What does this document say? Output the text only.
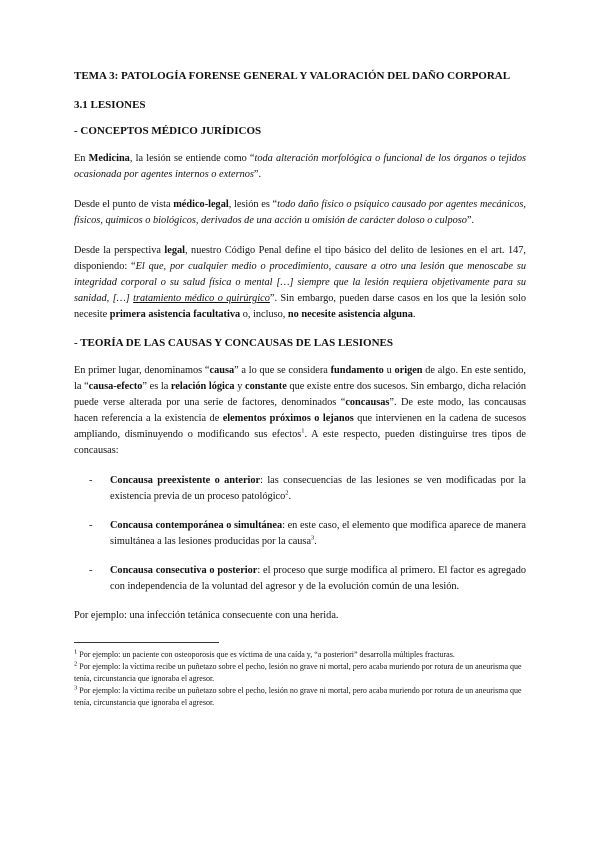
TEMA 3: PATOLOGÍA FORENSE GENERAL Y VALORACIÓN DEL DAÑO CORPORAL
3.1 LESIONES
- CONCEPTOS MÉDICO JURÍDICOS

En Medicina, la lesión se entiende como “toda alteración morfológica o funcional de los órganos o tejidos ocasionada por agentes internos o externos”.

Desde el punto de vista médico-legal, lesión es “todo daño físico o psíquico causado por agentes mecánicos, físicos, químicos o biológicos, derivados de una acción u omisión de carácter doloso o culposo”.

Desde la perspectiva legal, nuestro Código Penal define el tipo básico del delito de lesiones en el art. 147, disponiendo: “El que, por cualquier medio o procedimiento, causare a otro una lesión que menoscabe su integridad corporal o su salud física o mental […] siempre que la lesión requiera objetivamente para su sanidad, […] tratamiento médico o quirúrgico”. Sin embargo, pueden darse casos en los que la lesión solo necesite primera asistencia facultativa o, incluso, no necesite asistencia alguna.

- TEORÍA DE LAS CAUSAS Y CONCAUSAS DE LAS LESIONES

En primer lugar, denominamos “causa” a lo que se considera fundamento u origen de algo. En este sentido, la “causa-efecto” es la relación lógica y constante que existe entre dos sucesos. Sin embargo, dicha relación puede verse alterada por una serie de factores, denominados “concausas”. De este modo, las concausas hacen referencia a la existencia de elementos próximos o lejanos que intervienen en la cadena de sucesos ampliando, disminuyendo o modificando sus efectos$^1$. A este respecto, pueden distinguirse tres tipos de concausas:

- Concausa preexistente o anterior: las consecuencias de las lesiones se ven modificadas por la existencia previa de un proceso patológico$^2$.
- Concausa contemporánea o simultánea: en este caso, el elemento que modifica aparece de manera simultánea a las lesiones producidas por la causa$^3$.
- Concausa consecutiva o posterior: el proceso que surge modifica al primero. El factor es agregado con independencia de la voluntad del agresor y de la evolución común de una lesión.

Por ejemplo: una infección tetánica consecuente con una herida.

$^1$ Por ejemplo: un paciente con osteoporosis que es víctima de una caída y, “a posteriori” desarrolla múltiples fracturas.
$^2$ Por ejemplo: la víctima recibe un puñetazo sobre el pecho, lesión no grave ni mortal, pero acaba muriendo por rotura de un aneurisma que tenía, circunstancia que ignoraba el agresor.
$^3$ Por ejemplo: la víctima recibe un puñetazo sobre el pecho, lesión no grave ni mortal, pero acaba muriendo por rotura de un aneurisma que tenía, circunstancia que ignoraba el agresor.
